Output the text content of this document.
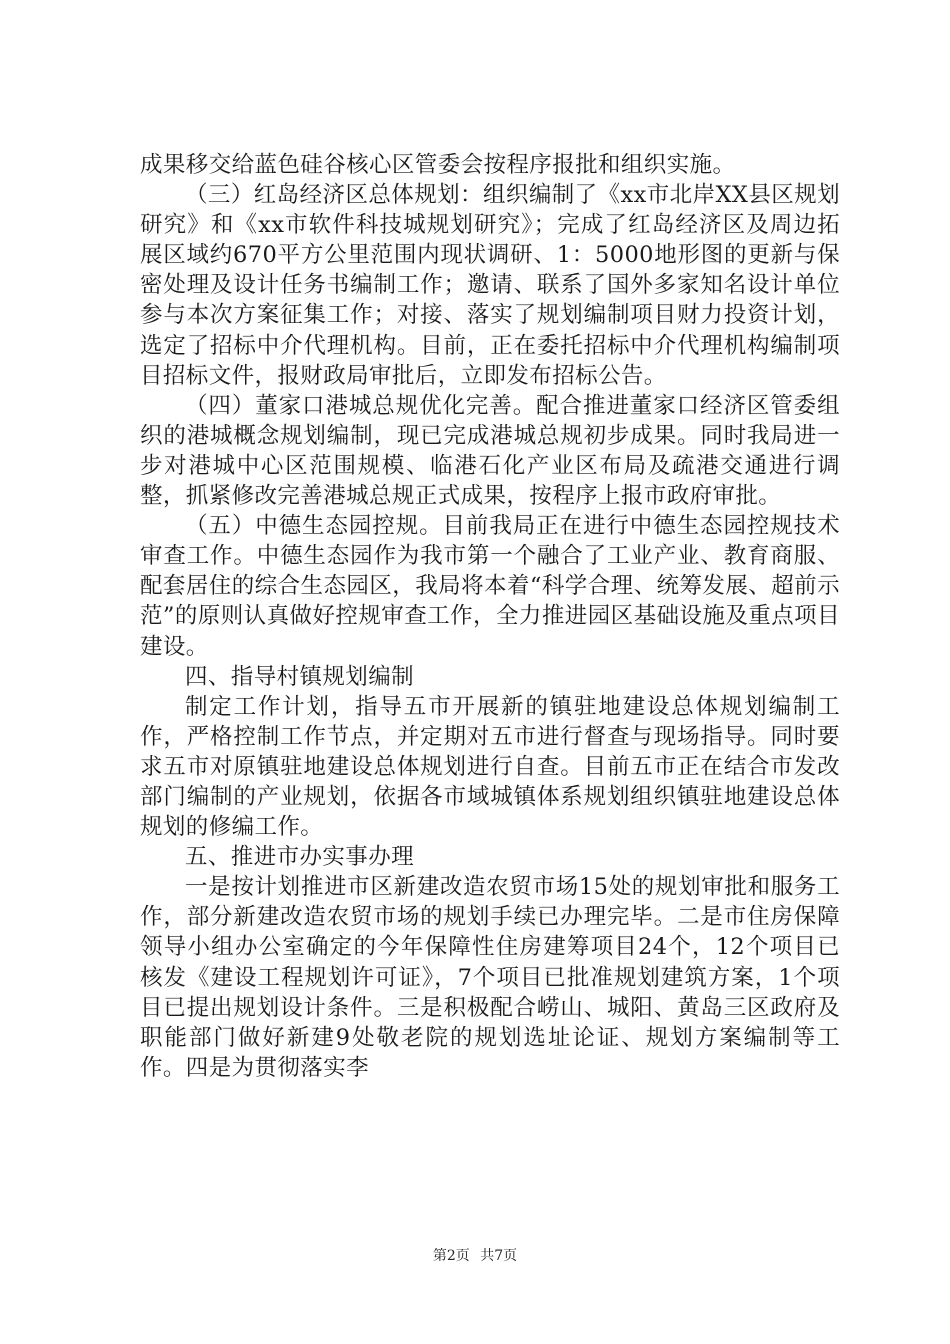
成果移交给蓝色硅谷核心区管委会按程序报批和组织实施。

（三）红岛经济区总体规划：组织编制了《xx市北岸XX县区规划研究》和《xx市软件科技城规划研究》；完成了红岛经济区及周边拓展区域约670平方公里范围内现状调研、1：5000地形图的更新与保密处理及设计任务书编制工作；邀请、联系了国外多家知名设计单位参与本次方案征集工作；对接、落实了规划编制项目财力投资计划，选定了招标中介代理机构。目前，正在委托招标中介代理机构编制项目招标文件，报财政局审批后，立即发布招标公告。

（四）董家口港城总规优化完善。配合推进董家口经济区管委组织的港城概念规划编制，现已完成港城总规初步成果。同时我局进一步对港城中心区范围规模、临港石化产业区布局及疏港交通进行调整，抓紧修改完善港城总规正式成果，按程序上报市政府审批。

（五）中德生态园控规。目前我局正在进行中德生态园控规技术审查工作。中德生态园作为我市第一个融合了工业产业、教育商服、配套居住的综合生态园区，我局将本着“科学合理、统筹发展、超前示范”的原则认真做好控规审查工作，全力推进园区基础设施及重点项目建设。

四、指导村镇规划编制

制定工作计划，指导五市开展新的镇驻地建设总体规划编制工作，严格控制工作节点，并定期对五市进行督查与现场指导。同时要求五市对原镇驻地建设总体规划进行自查。目前五市正在结合市发改部门编制的产业规划，依据各市域城镇体系规划组织镇驻地建设总体规划的修编工作。

五、推进市办实事办理

一是按计划推进市区新建改造农贸市场15处的规划审批和服务工作，部分新建改造农贸市场的规划手续已办理完毕。二是市住房保障领导小组办公室确定的今年保障性住房建筹项目24个，12个项目已核发《建设工程规划许可证》，7个项目已批准规划建筑方案，1个项目已提出规划设计条件。三是积极配合崂山、城阳、黄岛三区政府及职能部门做好新建9处敬老院的规划选址论证、规划方案编制等工作。四是为贯彻落实李

第2页 共7页
